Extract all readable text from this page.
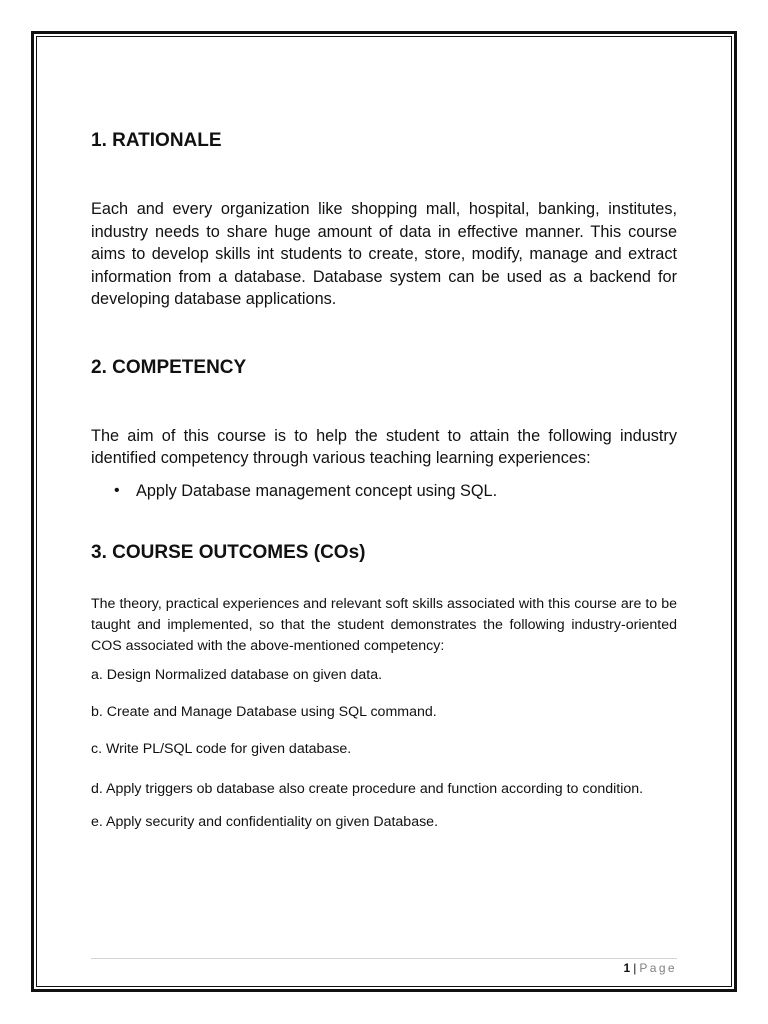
1. RATIONALE

Each and every organization like shopping mall, hospital, banking, institutes, industry needs to share huge amount of data in effective manner. This course aims to develop skills int students to create, store, modify, manage and extract information from a database. Database system can be used as a backend for developing database applications.

2. COMPETENCY

The aim of this course is to help the student to attain the following industry identified competency through various teaching learning experiences:

• Apply Database management concept using SQL.
3. COURSE OUTCOMES (COs)

The theory, practical experiences and relevant soft skills associated with this course are to be taught and implemented, so that the student demonstrates the following industry-oriented COS associated with the above-mentioned competency:

a. Design Normalized database on given data.

b. Create and Manage Database using SQL command.

c. Write PL/SQL code for given database.

d. Apply triggers ob database also create procedure and function according to condition.

e. Apply security and confidentiality on given Database.

1 | Page
